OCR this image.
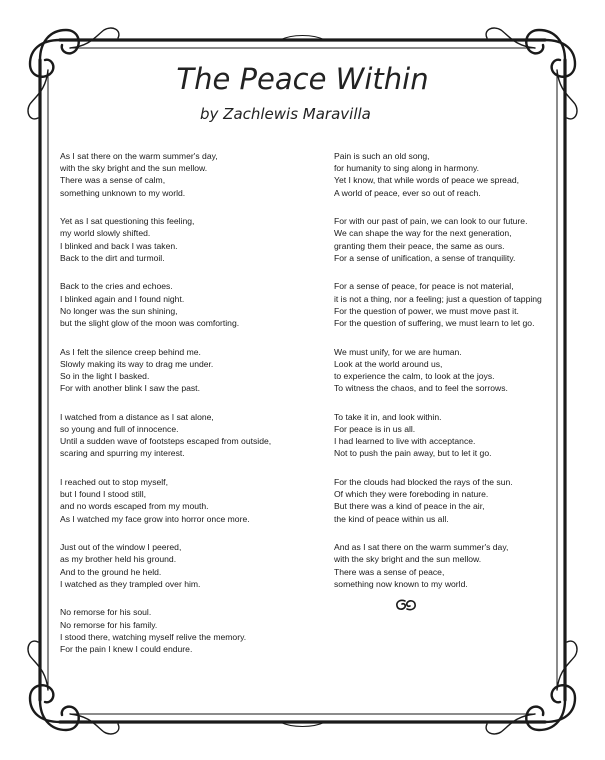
The Peace Within
by Zachlewis Maravilla
As I sat there on the warm summer's day,
with the sky bright and the sun mellow.
There was a sense of calm,
something unknown to my world.
Yet as I sat questioning this feeling,
my world slowly shifted.
I blinked and back I was taken.
Back to the dirt and turmoil.
Back to the cries and echoes.
I blinked again and I found night.
No longer was the sun shining,
but the slight glow of the moon was comforting.
As I felt the silence creep behind me.
Slowly making its way to drag me under.
So in the light I basked.
For with another blink I saw the past.
I watched from a distance as I sat alone,
so young and full of innocence.
Until a sudden wave of footsteps escaped from outside,
scaring and spurring my interest.
I reached out to stop myself,
but I found I stood still,
and no words escaped from my mouth.
As I watched my face grow into horror once more.
Just out of the window I peered,
as my brother held his ground.
And to the ground he held.
I watched as they trampled over him.
No remorse for his soul.
No remorse for his family.
I stood there, watching myself relive the memory.
For the pain I knew I could endure.
Pain is such an old song,
for humanity to sing along in harmony.
Yet I know, that while words of peace we spread,
A world of peace, ever so out of reach.
For with our past of pain, we can look to our future.
We can shape the way for the next generation,
granting them their peace, the same as ours.
For a sense of unification, a sense of tranquility.
For a sense of peace, for peace is not material,
it is not a thing, nor a feeling; just a question of tapping
For the question of power, we must move past it.
For the question of suffering, we must learn to let go.
We must unify, for we are human.
Look at the world around us,
to experience the calm, to look at the joys.
To witness the chaos, and to feel the sorrows.
To take it in, and look within.
For peace is in us all.
I had learned to live with acceptance.
Not to push the pain away, but to let it go.
For the clouds had blocked the rays of the sun.
Of which they were foreboding in nature.
But there was a kind of peace in the air,
the kind of peace within us all.
And as I sat there on the warm summer's day,
with the sky bright and the sun mellow.
There was a sense of peace,
something now known to my world.
